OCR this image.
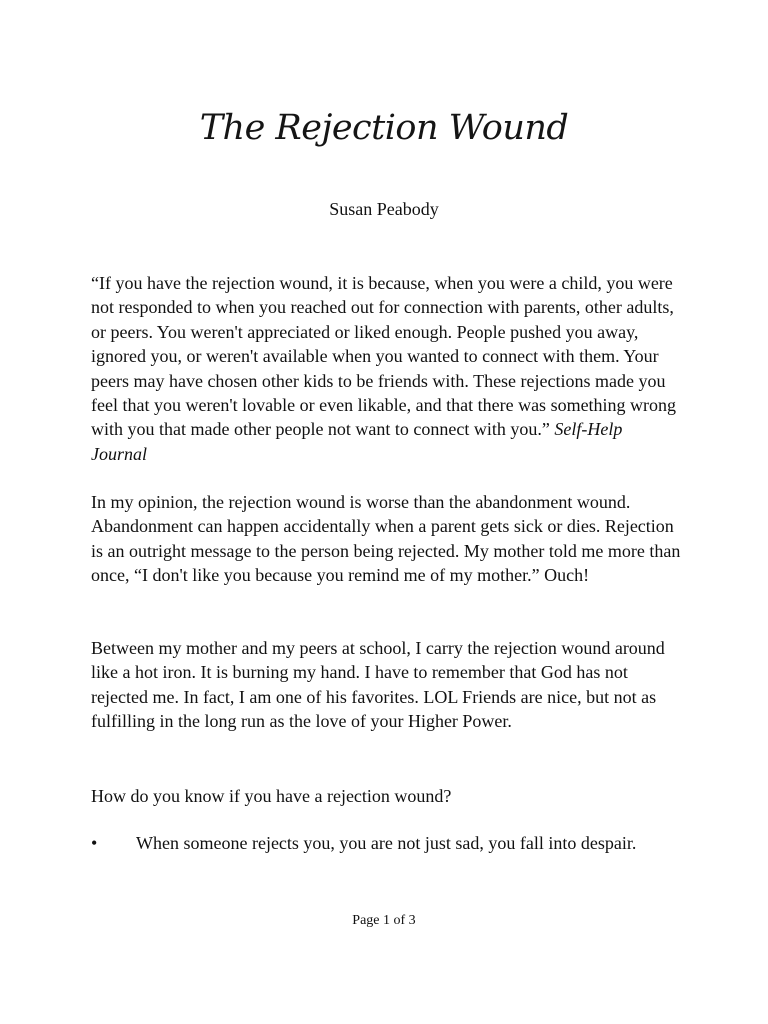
The Rejection Wound

Susan Peabody

“If you have the rejection wound, it is because, when you were a child, you were not responded to when you reached out for connection with parents, other adults, or peers. You weren't appreciated or liked enough. People pushed you away, ignored you, or weren't available when you wanted to connect with them. Your peers may have chosen other kids to be friends with. These rejections made you feel that you weren't lovable or even likable, and that there was something wrong with you that made other people not want to connect with you.” Self-Help Journal

In my opinion, the rejection wound is worse than the abandonment wound. Abandonment can happen accidentally when a parent gets sick or dies. Rejection is an outright message to the person being rejected. My mother told me more than once, “I don't like you because you remind me of my mother.” Ouch!

Between my mother and my peers at school, I carry the rejection wound around like a hot iron. It is burning my hand. I have to remember that God has not rejected me. In fact, I am one of his favorites. LOL Friends are nice, but not as fulfilling in the long run as the love of your Higher Power.

How do you know if you have a rejection wound?

• When someone rejects you, you are not just sad, you fall into despair.
Page 1 of 3
